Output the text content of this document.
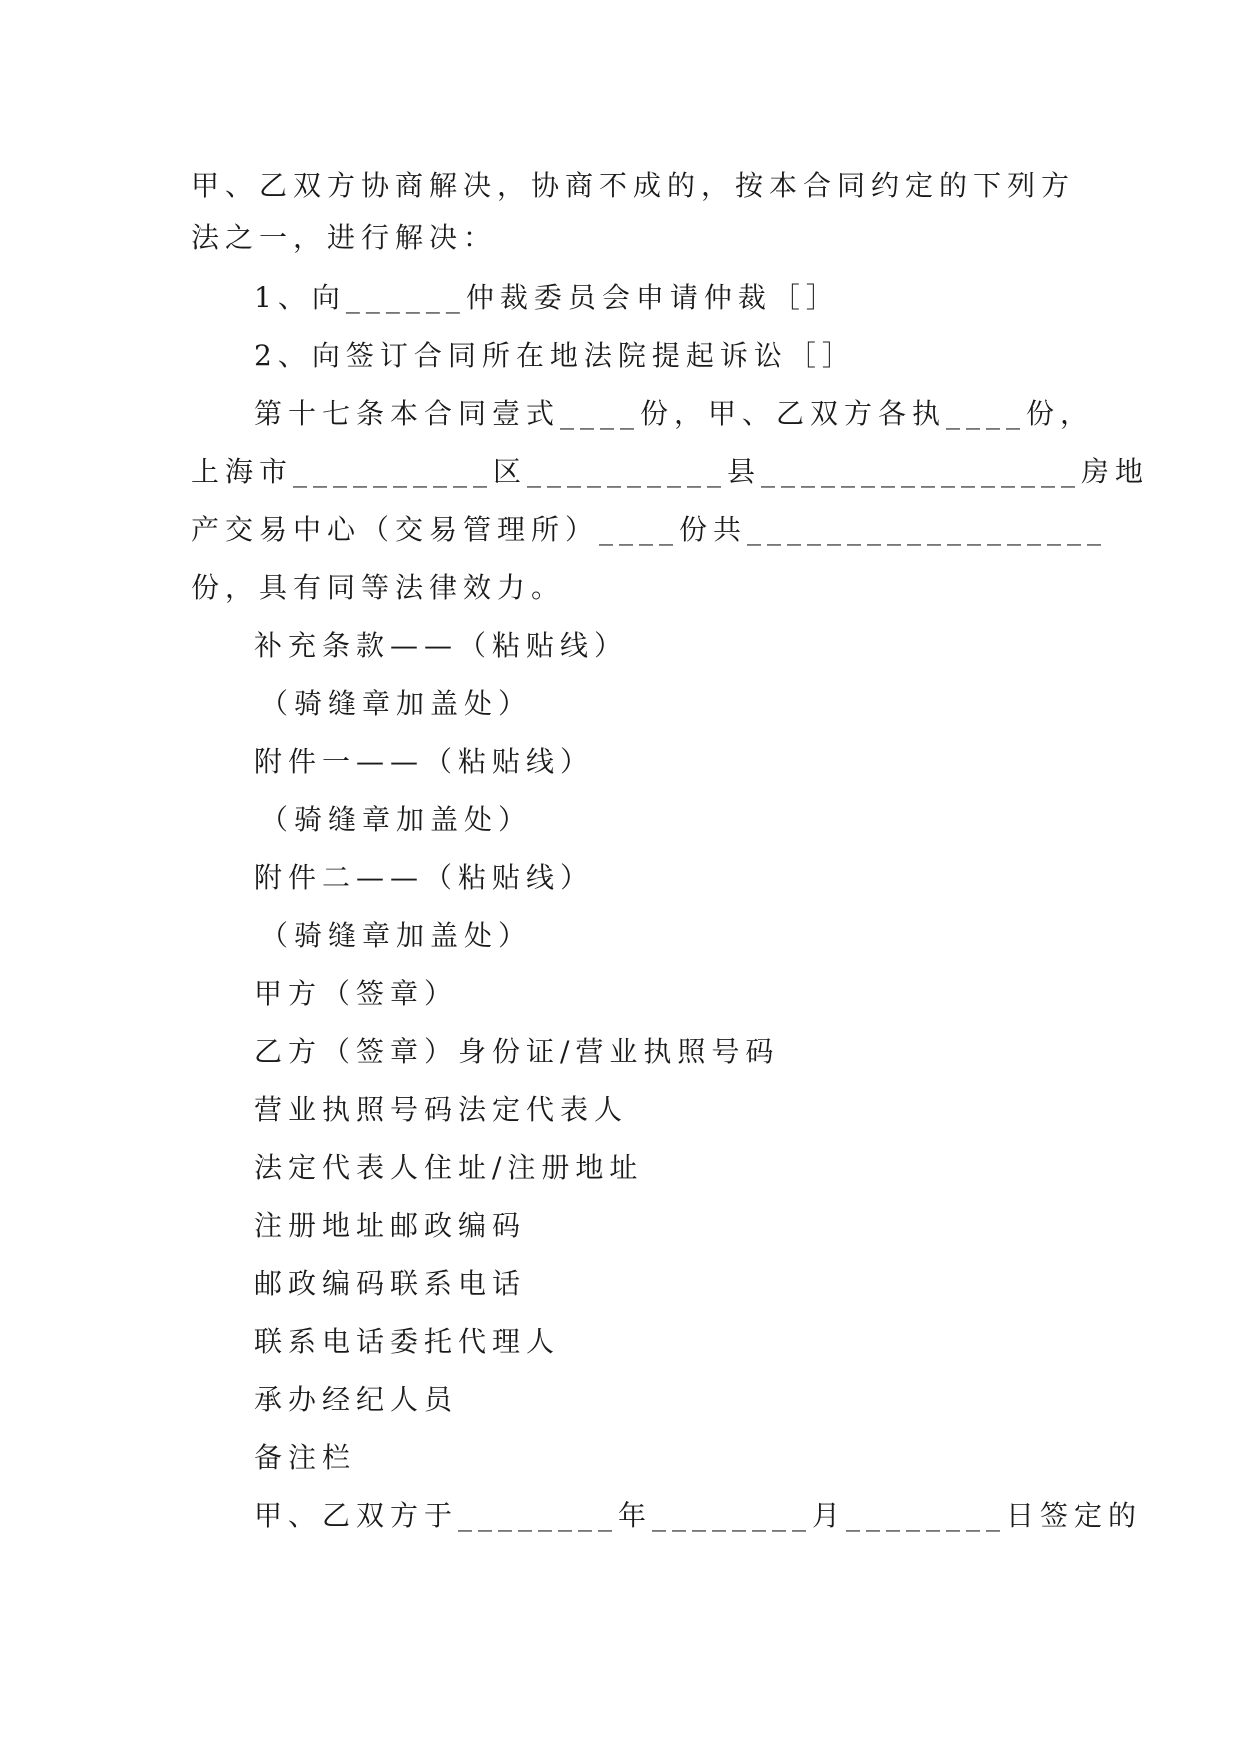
甲、乙双方协商解决，协商不成的，按本合同约定的下列方
法之一，进行解决：
1、向______仲裁委员会申请仲裁［］
2、向签订合同所在地法院提起诉讼［］
第十七条本合同壹式____份，甲、乙双方各执____份，
上海市__________区__________县________________房地
产交易中心（交易管理所）____份共__________________
份，具有同等法律效力。
补充条款——（粘贴线）
（骑缝章加盖处）
附件一——（粘贴线）
（骑缝章加盖处）
附件二——（粘贴线）
（骑缝章加盖处）
甲方（签章）
乙方（签章）身份证/营业执照号码
营业执照号码法定代表人
法定代表人住址/注册地址
注册地址邮政编码
邮政编码联系电话
联系电话委托代理人
承办经纪人员
备注栏
甲、乙双方于________年________月________日签定的
